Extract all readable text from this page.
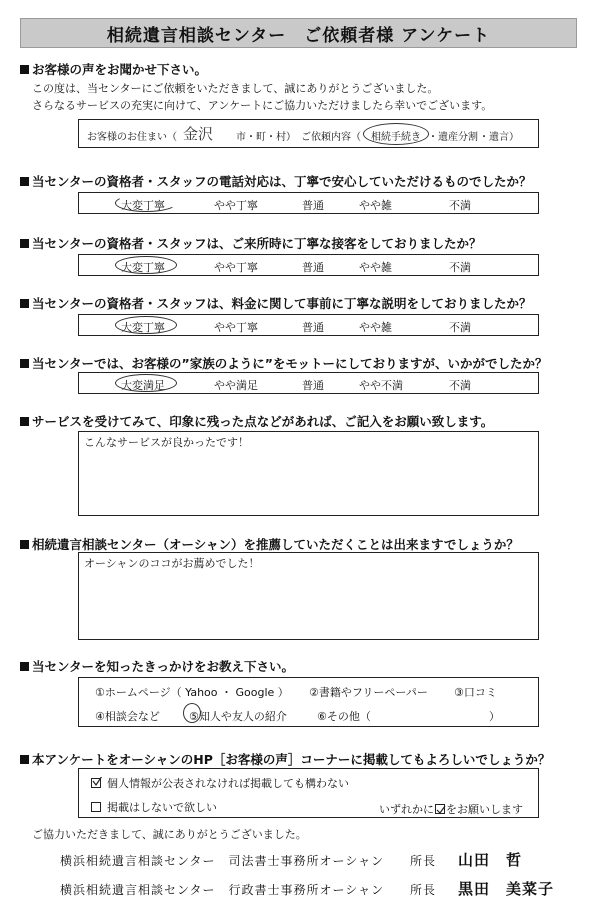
相続遺言相談センター　ご依頼者様 アンケート
お客様の声をお聞かせ下さい。
この度は、当センターにご依頼をいただきまして、誠にありがとうございました。
さらなるサービスの充実に向けて、アンケートにご協力いただけましたら幸いでございます。
お客様のお住まい（ 金沢 市・町・村） ご依頼内容（ 相続手続き ・遺産分割 ・遺言）
当センターの資格者・スタッフの電話対応は、丁寧で安心していただけるものでしたか？
大変丁寧	やや丁寧	普通	やや雑	不満
当センターの資格者・スタッフは、ご来所時に丁寧な接客をしておりましたか？
大変丁寧	やや丁寧	普通	やや雑	不満
当センターの資格者・スタッフは、料金に関して事前に丁寧な説明をしておりましたか？
大変丁寧	やや丁寧	普通	やや雑	不満
当センターでは、お客様の”家族のように”をモットーにしておりますが、いかがでしたか？
大変満足	やや満足	普通	やや不満	不満
サービスを受けてみて、印象に残った点などがあれば、ご記入をお願い致します。
こんなサービスが良かったです！
相続遺言相談センター（オーシャン）を推薦していただくことは出来ますでしょうか？
オーシャンのココがお薦めでした！
当センターを知ったきっかけをお教え下さい。
①ホームページ（ Yahoo ・ Google ） ②書籍やフリーペーパー ③口コミ
④相談会など	⑤知人や友人の紹介	⑥その他（	）
本アンケートをオーシャンのHP［お客様の声］コーナーに掲載してもよろしいでしょうか？
個人情報が公表されなければ掲載しても構わない
掲載はしないで欲しい	いずれかに をお願いします
ご協力いただきまして、誠にありがとうございました。
横浜相続遺言相談センター　 司法書士事務所オーシャン 所長 山田　哲
横浜相続遺言相談センター　 行政書士事務所オーシャン 所長 黒田　美菜子
